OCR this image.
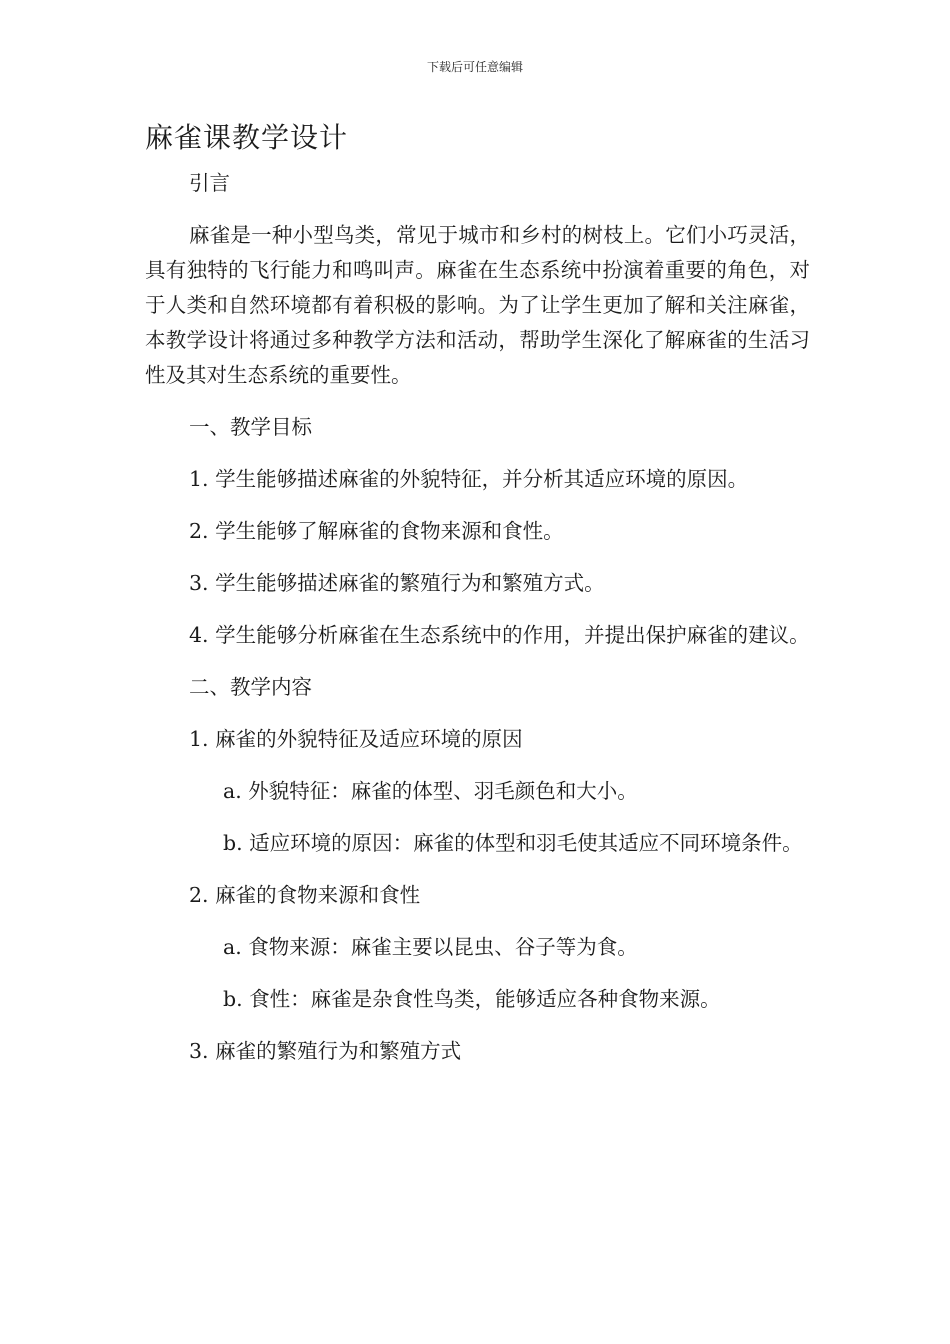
下载后可任意编辑
麻雀课教学设计

引言

麻雀是一种小型鸟类，常见于城市和乡村的树枝上。它们小巧灵活，具有独特的飞行能力和鸣叫声。麻雀在生态系统中扮演着重要的角色，对于人类和自然环境都有着积极的影响。为了让学生更加了解和关注麻雀，本教学设计将通过多种教学方法和活动，帮助学生深化了解麻雀的生活习性及其对生态系统的重要性。

一、教学目标

1. 学生能够描述麻雀的外貌特征，并分析其适应环境的原因。

2. 学生能够了解麻雀的食物来源和食性。

3. 学生能够描述麻雀的繁殖行为和繁殖方式。

4. 学生能够分析麻雀在生态系统中的作用，并提出保护麻雀的建议。

二、教学内容

1. 麻雀的外貌特征及适应环境的原因

a. 外貌特征：麻雀的体型、羽毛颜色和大小。

b. 适应环境的原因：麻雀的体型和羽毛使其适应不同环境条件。

2. 麻雀的食物来源和食性

a. 食物来源：麻雀主要以昆虫、谷子等为食。

b. 食性：麻雀是杂食性鸟类，能够适应各种食物来源。

3. 麻雀的繁殖行为和繁殖方式
